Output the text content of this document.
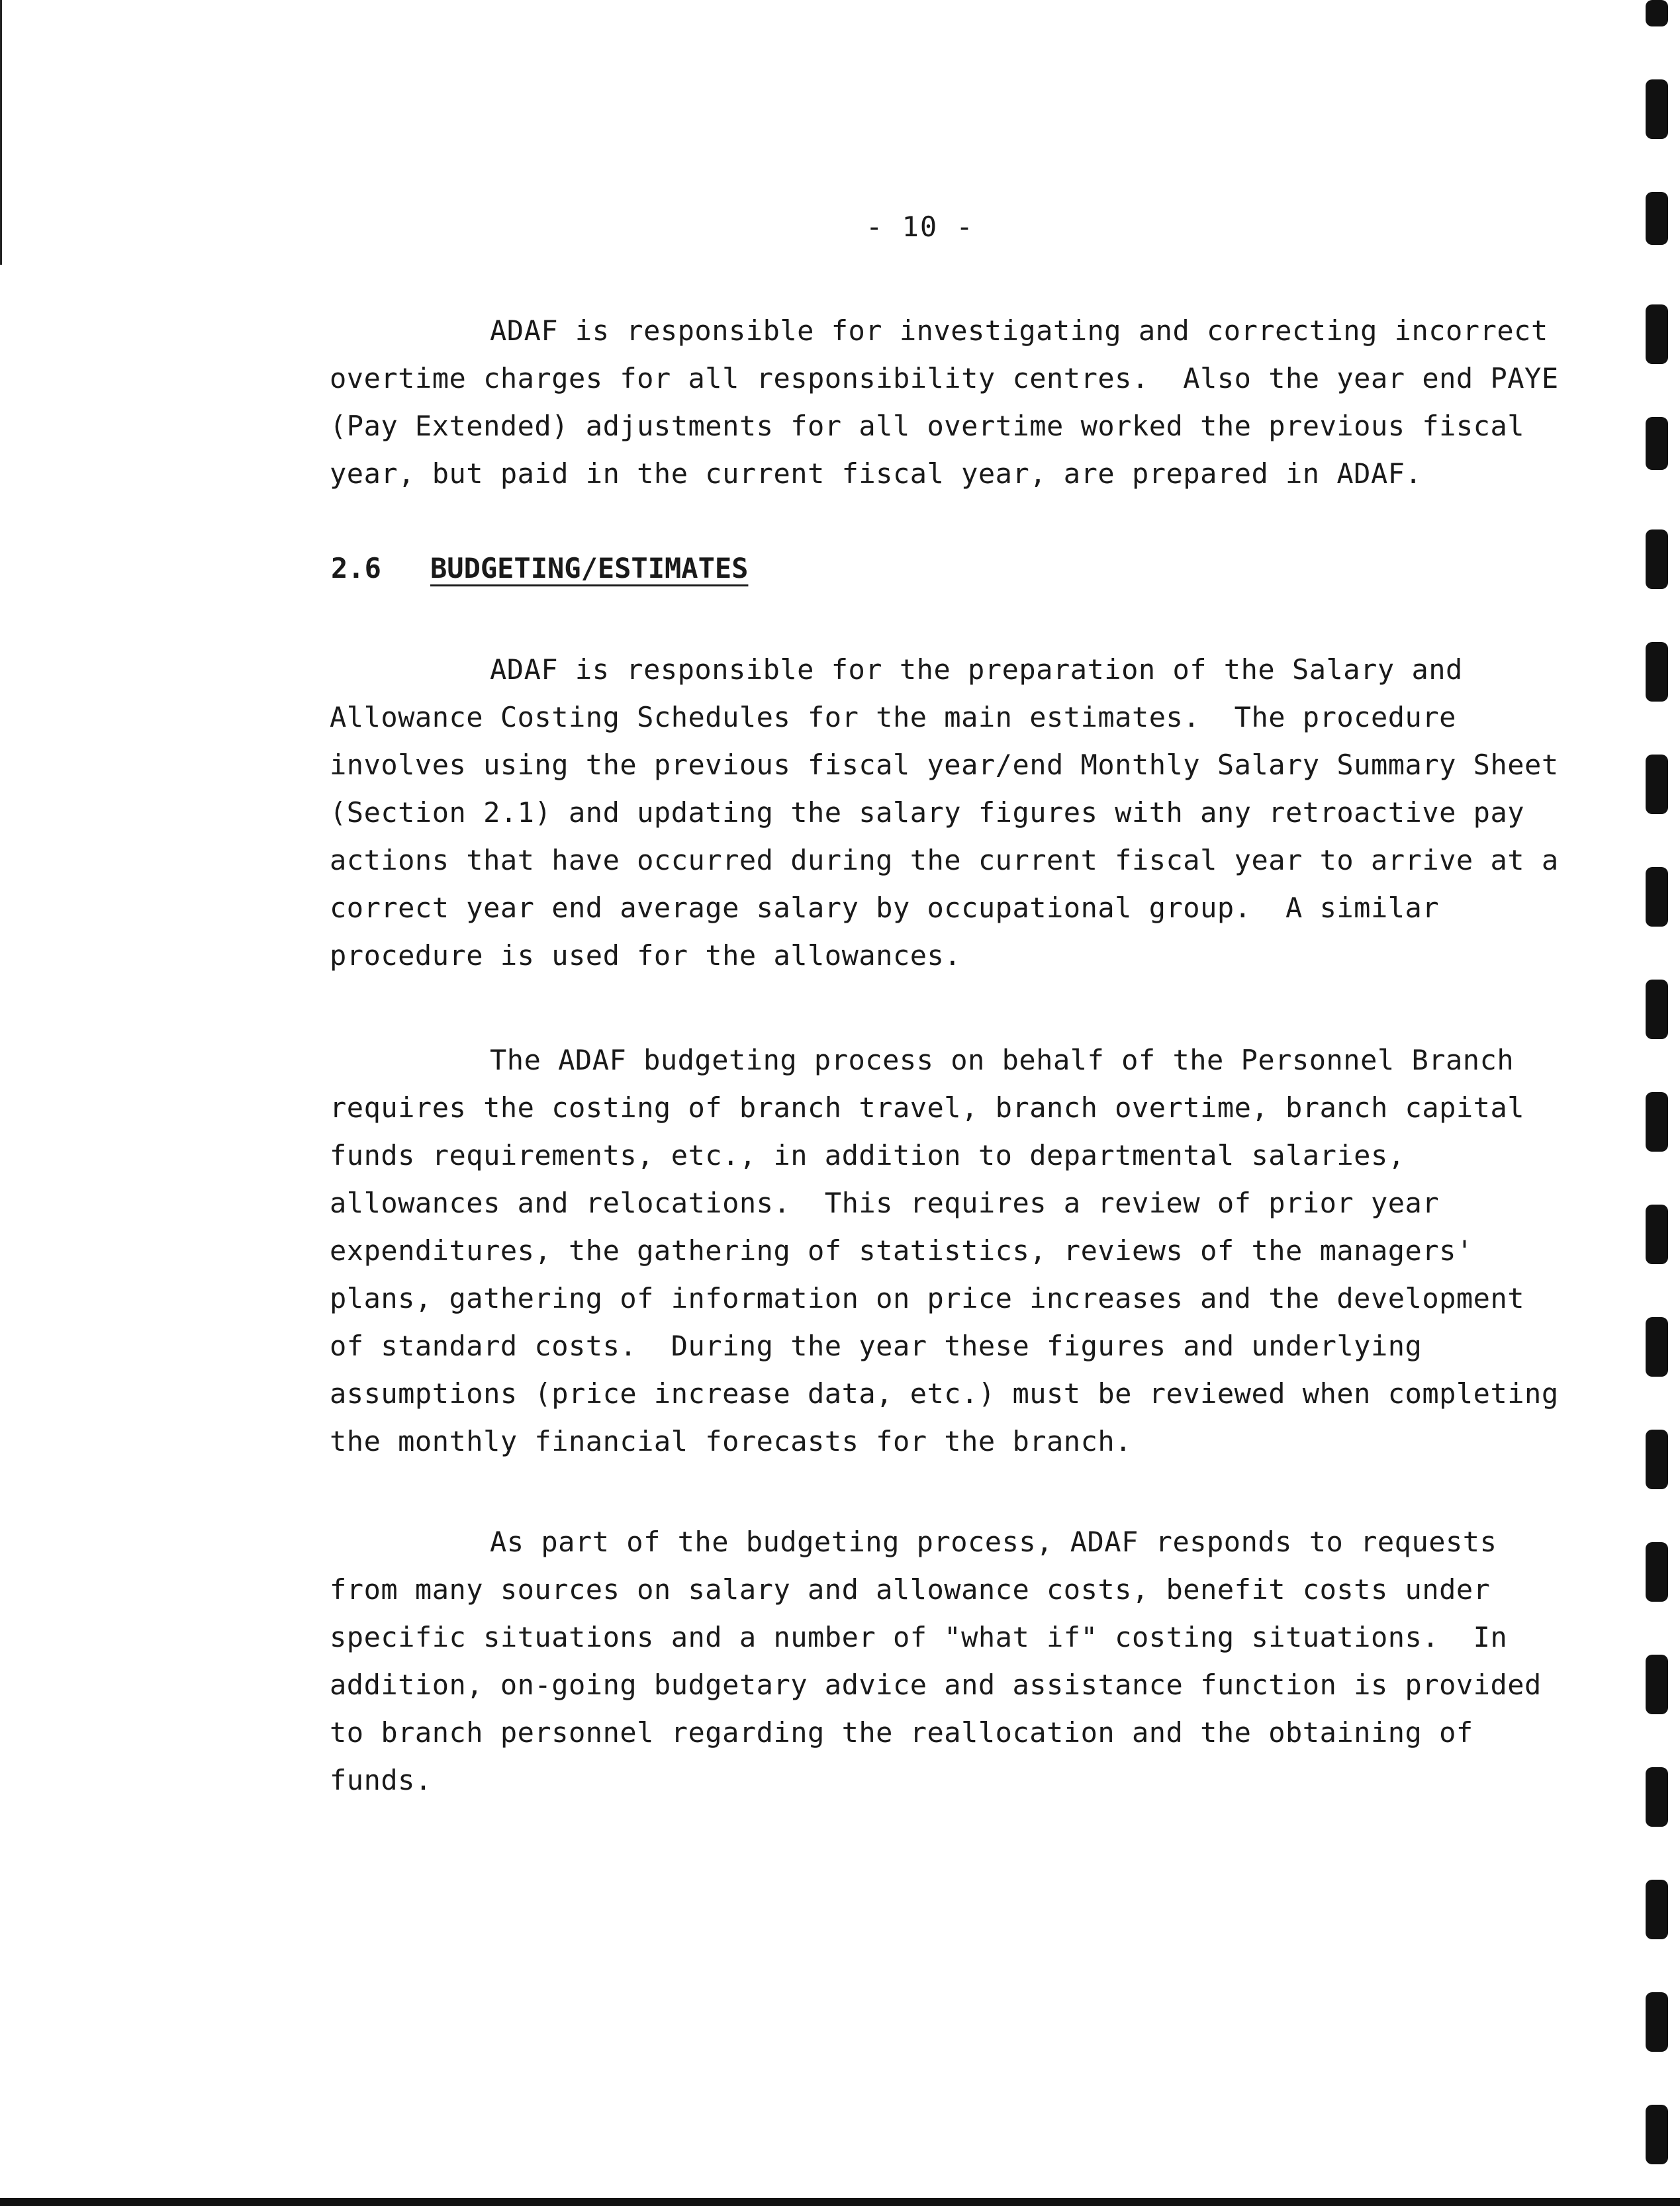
- 10 -
ADAF is responsible for investigating and correcting incorrect
overtime charges for all responsibility centres.  Also the year end PAYE
(Pay Extended) adjustments for all overtime worked the previous fiscal
year, but paid in the current fiscal year, are prepared in ADAF.
2.6 BUDGETING/ESTIMATES
ADAF is responsible for the preparation of the Salary and
Allowance Costing Schedules for the main estimates.  The procedure
involves using the previous fiscal year/end Monthly Salary Summary Sheet
(Section 2.1) and updating the salary figures with any retroactive pay
actions that have occurred during the current fiscal year to arrive at a
correct year end average salary by occupational group.  A similar
procedure is used for the allowances.
The ADAF budgeting process on behalf of the Personnel Branch
requires the costing of branch travel, branch overtime, branch capital
funds requirements, etc., in addition to departmental salaries,
allowances and relocations.  This requires a review of prior year
expenditures, the gathering of statistics, reviews of the managers'
plans, gathering of information on price increases and the development
of standard costs.  During the year these figures and underlying
assumptions (price increase data, etc.) must be reviewed when completing
the monthly financial forecasts for the branch.
As part of the budgeting process, ADAF responds to requests
from many sources on salary and allowance costs, benefit costs under
specific situations and a number of "what if" costing situations.  In
addition, on-going budgetary advice and assistance function is provided
to branch personnel regarding the reallocation and the obtaining of
funds.
